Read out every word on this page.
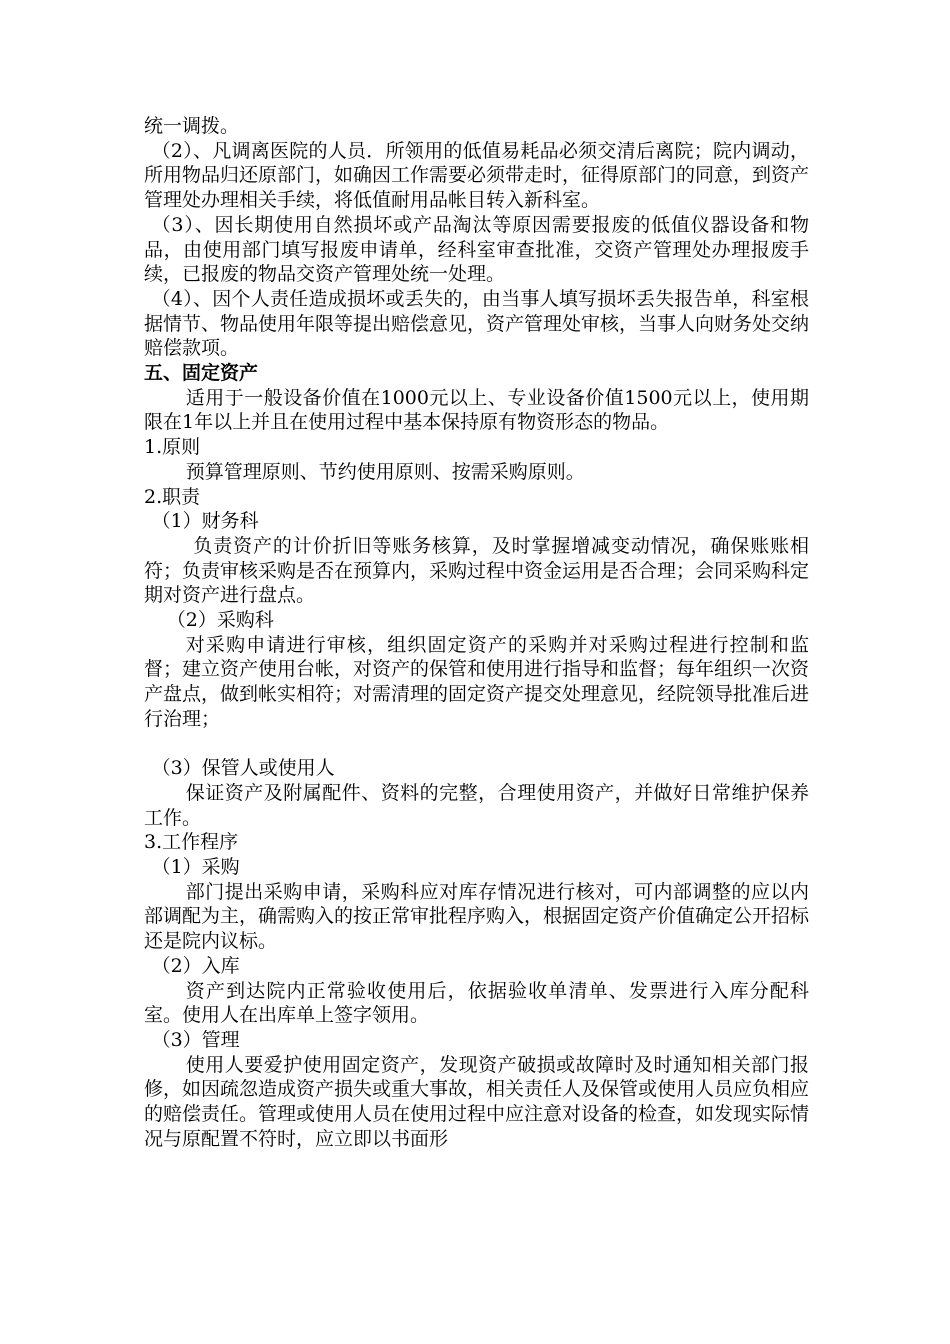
统一调拨。

（2）、凡调离医院的人员．所领用的低值易耗品必须交清后离院；院内调动，所用物品归还原部门，如确因工作需要必须带走时，征得原部门的同意，到资产管理处办理相关手续，将低值耐用品帐目转入新科室。

（3）、因长期使用自然损坏或产品淘汰等原因需要报废的低值仪器设备和物品，由使用部门填写报废申请单，经科室审查批准，交资产管理处办理报废手续，已报废的物品交资产管理处统一处理。

（4）、因个人责任造成损坏或丢失的，由当事人填写损坏丢失报告单，科室根据情节、物品使用年限等提出赔偿意见，资产管理处审核，当事人向财务处交纳赔偿款项。

五、固定资产

适用于一般设备价值在1000元以上、专业设备价值1500元以上，使用期限在1年以上并且在使用过程中基本保持原有物资形态的物品。

1.原则

预算管理原则、节约使用原则、按需采购原则。

2.职责

（1）财务科

负责资产的计价折旧等账务核算，及时掌握增减变动情况，确保账账相符；负责审核采购是否在预算内，采购过程中资金运用是否合理；会同采购科定期对资产进行盘点。

（2）采购科

对采购申请进行审核，组织固定资产的采购并对采购过程进行控制和监督；建立资产使用台帐，对资产的保管和使用进行指导和监督；每年组织一次资产盘点，做到帐实相符；对需清理的固定资产提交处理意见，经院领导批准后进行治理；

（3）保管人或使用人

保证资产及附属配件、资料的完整，合理使用资产，并做好日常维护保养工作。

3.工作程序

（1）采购

部门提出采购申请，采购科应对库存情况进行核对，可内部调整的应以内部调配为主，确需购入的按正常审批程序购入，根据固定资产价值确定公开招标还是院内议标。

（2）入库

资产到达院内正常验收使用后，依据验收单清单、发票进行入库分配科室。使用人在出库单上签字领用。

（3）管理

使用人要爱护使用固定资产，发现资产破损或故障时及时通知相关部门报修，如因疏忽造成资产损失或重大事故，相关责任人及保管或使用人员应负相应的赔偿责任。管理或使用人员在使用过程中应注意对设备的检查，如发现实际情况与原配置不符时，应立即以书面形
